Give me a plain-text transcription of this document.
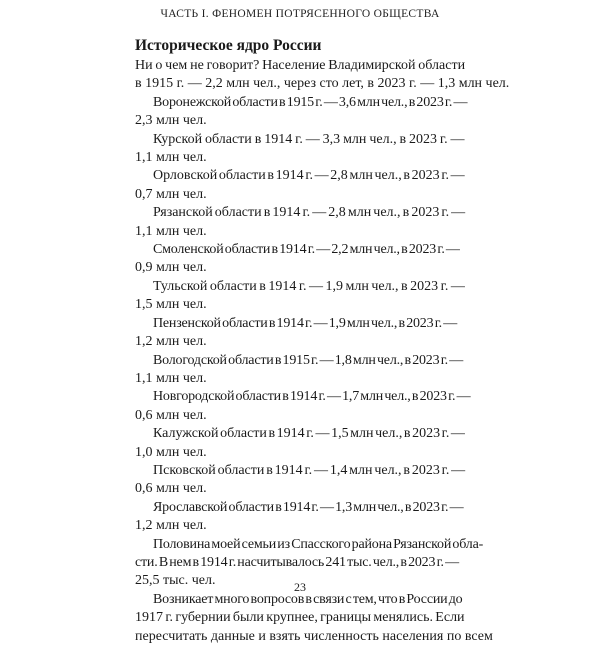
ЧАСТЬ I. ФЕНОМЕН ПОТРЯСЕННОГО ОБЩЕСТВА
Историческое ядро России
Ни о чем не говорит? Население Владимирской области
в 1915 г. — 2,2 млн чел., через сто лет, в 2023 г. — 1,3 млн чел.
Воронежской области в 1915 г. — 3,6 млн чел., в 2023 г. —
2,3 млн чел.
Курской области в 1914 г. — 3,3 млн чел., в 2023 г. —
1,1 млн чел.
Орловской области в 1914 г. — 2,8 млн чел., в 2023 г. —
0,7 млн чел.
Рязанской области в 1914 г. — 2,8 млн чел., в 2023 г. —
1,1 млн чел.
Смоленской области в 1914 г. — 2,2 млн чел., в 2023 г. —
0,9 млн чел.
Тульской области в 1914 г. — 1,9 млн чел., в 2023 г. —
1,5 млн чел.
Пензенской области в 1914 г. — 1,9 млн чел., в 2023 г. —
1,2 млн чел.
Вологодской области в 1915 г. — 1,8 млн чел., в 2023 г. —
1,1 млн чел.
Новгородской области в 1914 г. — 1,7 млн чел., в 2023 г. —
0,6 млн чел.
Калужской области в 1914 г. — 1,5 млн чел., в 2023 г. —
1,0 млн чел.
Псковской области в 1914 г. — 1,4 млн чел., в 2023 г. —
0,6 млн чел.
Ярославской области в 1914 г. — 1,3 млн чел., в 2023 г. —
1,2 млн чел.
Половина моей семьи из Спасского района Рязанской обла-
сти. В нем в 1914 г. насчитывалось 241 тыс. чел., в 2023 г. —
25,5 тыс. чел.
Возникает много вопросов в связи с тем, что в России до
1917 г. губернии были крупнее, границы менялись. Если
пересчитать данные и взять численность населения по всем
23
